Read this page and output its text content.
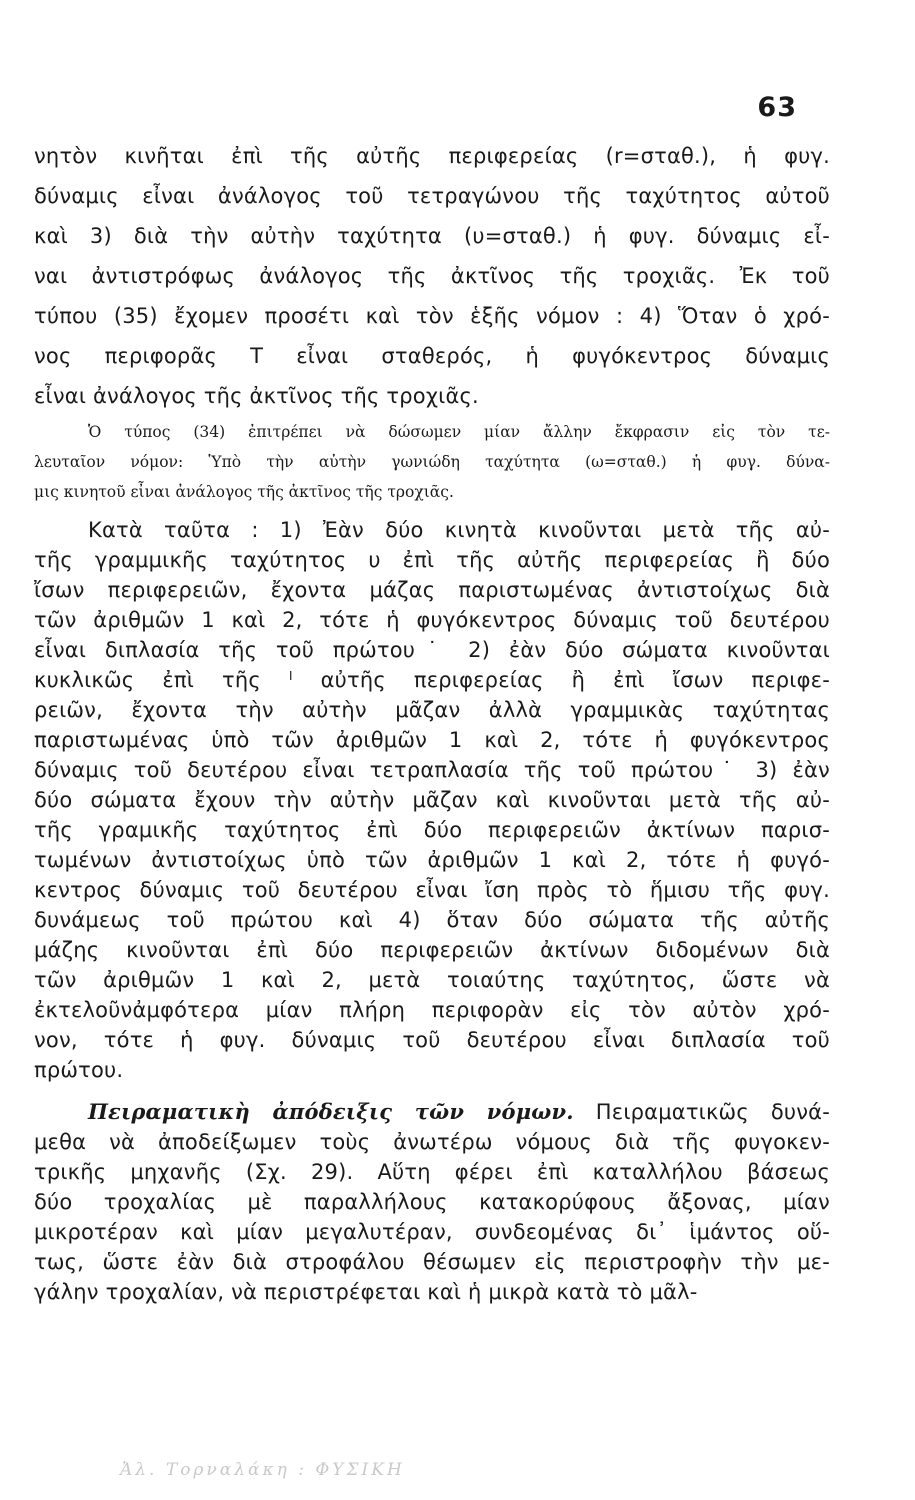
63
νητὸν κινῆται ἐπὶ τῆς αὐτῆς περιφερείας (r=σταθ.), ἡ φυγ.
δύναμις εἶναι ἀνάλογος τοῦ τετραγώνου τῆς ταχύτητος αὐτοῦ
καὶ 3) διὰ τὴν αὐτὴν ταχύτητα (υ=σταθ.) ἡ φυγ. δύναμις εἶ-
ναι ἀντιστρόφως ἀνάλογος τῆς ἀκτῖνος τῆς τροχιᾶς. Ἐκ τοῦ
τύπου (35) ἔχομεν προσέτι καὶ τὸν ἑξῆς νόμον : 4) Ὅταν ὁ χρό-
νος περιφορᾶς T εἶναι σταθερός, ἡ φυγόκεντρος δύναμις
εἶναι ἀνάλογος τῆς ἀκτῖνος τῆς τροχιᾶς.
Ὁ τύπος (34) ἐπιτρέπει νὰ δώσωμεν μίαν ἄλλην ἔκφρασιν εἰς τὸν τε-
λευταῖον νόμον: Ὑπὸ τὴν αὐτὴν γωνιώδη ταχύτητα (ω=σταθ.) ἡ φυγ. δύνα-
μις κινητοῦ εἶναι ἀνάλογος τῆς ἀκτῖνος τῆς τροχιᾶς.
Κατὰ ταῦτα : 1) Ἐὰν δύο κινητὰ κινοῦνται μετὰ τῆς αὐ-
τῆς γραμμικῆς ταχύτητος υ ἐπὶ τῆς αὐτῆς περιφερείας ἢ δύο
ἴσων περιφερειῶν, ἔχοντα μάζας παριστωμένας ἀντιστοίχως διὰ
τῶν ἀριθμῶν 1 καὶ 2, τότε ἡ φυγόκεντρος δύναμις τοῦ δευτέρου
εἶναι διπλασία τῆς τοῦ πρώτου˙ 2) ἐὰν δύο σώματα κινοῦνται
κυκλικῶς ἐπὶ τῆς ˡ αὐτῆς περιφερείας ἢ ἐπὶ ἴσων περιφε-
ρειῶν, ἔχοντα τὴν αὐτὴν μᾶζαν ἀλλὰ γραμμικὰς ταχύτητας
παριστωμένας ὑπὸ τῶν ἀριθμῶν 1 καὶ 2, τότε ἡ φυγόκεντρος
δύναμις τοῦ δευτέρου εἶναι τετραπλασία τῆς τοῦ πρώτου˙ 3) ἐὰν
δύο σώματα ἔχουν τὴν αὐτὴν μᾶζαν καὶ κινοῦνται μετὰ τῆς αὐ-
τῆς γραμικῆς ταχύτητος ἐπὶ δύο περιφερειῶν ἀκτίνων παρισ-
τωμένων ἀντιστοίχως ὑπὸ τῶν ἀριθμῶν 1 καὶ 2, τότε ἡ φυγό-
κεντρος δύναμις τοῦ δευτέρου εἶναι ἴση πρὸς τὸ ἥμισυ τῆς φυγ.
δυνάμεως τοῦ πρώτου καὶ 4) ὅταν δύο σώματα τῆς αὐτῆς
μάζης κινοῦνται ἐπὶ δύο περιφερειῶν ἀκτίνων διδομένων διὰ
τῶν ἀριθμῶν 1 καὶ 2, μετὰ τοιαύτης ταχύτητος, ὥστε νὰ
ἐκτελοῦνἀμφότερα μίαν πλήρη περιφορὰν εἰς τὸν αὐτὸν χρό-
νον, τότε ἡ φυγ. δύναμις τοῦ δευτέρου εἶναι διπλασία τοῦ
πρώτου.
Πειραματικὴ ἀπόδειξις τῶν νόμων. Πειραματικῶς δυνά-
μεθα νὰ ἀποδείξωμεν τοὺς ἀνωτέρω νόμους διὰ τῆς φυγοκεν-
τρικῆς μηχανῆς (Σχ. 29). Αὕτη φέρει ἐπὶ καταλλήλου βάσεως
δύο τροχαλίας μὲ παραλλήλους κατακορύφους ἄξονας, μίαν
μικροτέραν καὶ μίαν μεγαλυτέραν, συνδεομένας δι᾽ ἱμάντος οὕ-
τως, ὥστε ἐὰν διὰ στροφάλου θέσωμεν εἰς περιστροφὴν τὴν με-
γάλην τροχαλίαν, νὰ περιστρέφεται καὶ ἡ μικρὰ κατὰ τὸ μᾶλ-
Ἀλ. Τορναλάκη : ΦΥΣΙΚΗ
